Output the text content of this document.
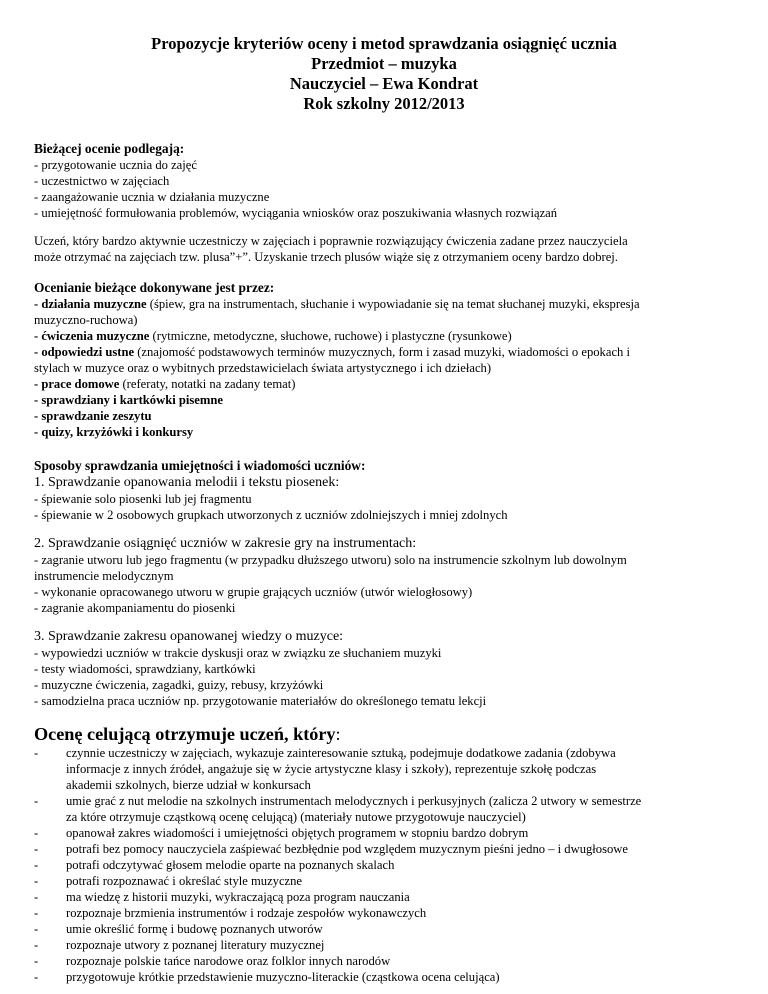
Propozycje kryteriów oceny i metod sprawdzania osiągnięć ucznia
Przedmiot – muzyka
Nauczyciel – Ewa Kondrat
Rok szkolny 2012/2013
Bieżącej ocenie podlegają:
- przygotowanie ucznia do zajęć
- uczestnictwo w zajęciach
- zaangażowanie ucznia w działania muzyczne
- umiejętność formułowania problemów, wyciągania wniosków oraz poszukiwania własnych rozwiązań
Uczeń, który bardzo aktywnie uczestniczy w zajęciach i poprawnie rozwiązujący ćwiczenia zadane przez nauczyciela
może otrzymać na zajęciach tzw. plusa”+”. Uzyskanie trzech plusów wiąże się z otrzymaniem oceny bardzo dobrej.
Ocenianie bieżące dokonywane jest przez:
- działania muzyczne (śpiew, gra na instrumentach, słuchanie i wypowiadanie się na temat słuchanej muzyki, ekspresja
muzyczno-ruchowa)
- ćwiczenia muzyczne (rytmiczne, metodyczne, słuchowe, ruchowe) i plastyczne (rysunkowe)
- odpowiedzi ustne (znajomość podstawowych terminów muzycznych, form i zasad muzyki, wiadomości o epokach i
stylach w muzyce oraz o wybitnych przedstawicielach świata artystycznego i ich dziełach)
- prace domowe (referaty, notatki na zadany temat)
- sprawdziany i kartkówki pisemne
- sprawdzanie zeszytu
- quizy, krzyżówki i konkursy
Sposoby sprawdzania umiejętności i wiadomości uczniów:
1. Sprawdzanie opanowania melodii i tekstu piosenek:
- śpiewanie solo piosenki lub jej fragmentu
- śpiewanie w 2 osobowych grupkach utworzonych z uczniów zdolniejszych i mniej zdolnych
2. Sprawdzanie osiągnięć uczniów w zakresie gry na instrumentach:
- zagranie utworu lub jego fragmentu (w przypadku dłuższego utworu) solo na instrumencie szkolnym lub dowolnym
instrumencie melodycznym
- wykonanie opracowanego utworu w grupie grających uczniów (utwór wielogłosowy)
- zagranie akompaniamentu do piosenki
3. Sprawdzanie zakresu opanowanej wiedzy o muzyce:
- wypowiedzi uczniów w trakcie dyskusji oraz w związku ze słuchaniem muzyki
- testy wiadomości, sprawdziany, kartkówki
- muzyczne ćwiczenia, zagadki, guizy, rebusy, krzyżówki
- samodzielna praca uczniów np. przygotowanie materiałów do określonego tematu lekcji
Ocenę celującą otrzymuje uczeń, który:
- czynnie uczestniczy w zajęciach, wykazuje zainteresowanie sztuką, podejmuje dodatkowe zadania (zdobywa
informacje z innych źródeł, angażuje się w życie artystyczne klasy i szkoły), reprezentuje szkołę podczas
akademii szkolnych, bierze udział w konkursach
- umie grać z nut melodie na szkolnych instrumentach melodycznych i perkusyjnych (zalicza 2 utwory w semestrze
za które otrzymuje cząstkową ocenę celującą) (materiały nutowe przygotowuje nauczyciel)
- opanował zakres wiadomości i umiejętności objętych programem w stopniu bardzo dobrym
- potrafi bez pomocy nauczyciela zaśpiewać bezbłędnie pod względem muzycznym pieśni jedno – i dwugłosowe
- potrafi odczytywać głosem melodie oparte na poznanych skalach
- potrafi rozpoznawać i określać style muzyczne
- ma wiedzę z historii muzyki, wykraczającą poza program nauczania
- rozpoznaje brzmienia instrumentów i rodzaje zespołów wykonawczych
- umie określić formę i budowę poznanych utworów
- rozpoznaje utwory z poznanej literatury muzycznej
- rozpoznaje polskie tańce narodowe oraz folklor innych narodów
- przygotowuje krótkie przedstawienie muzyczno-literackie (cząstkowa ocena celująca)
